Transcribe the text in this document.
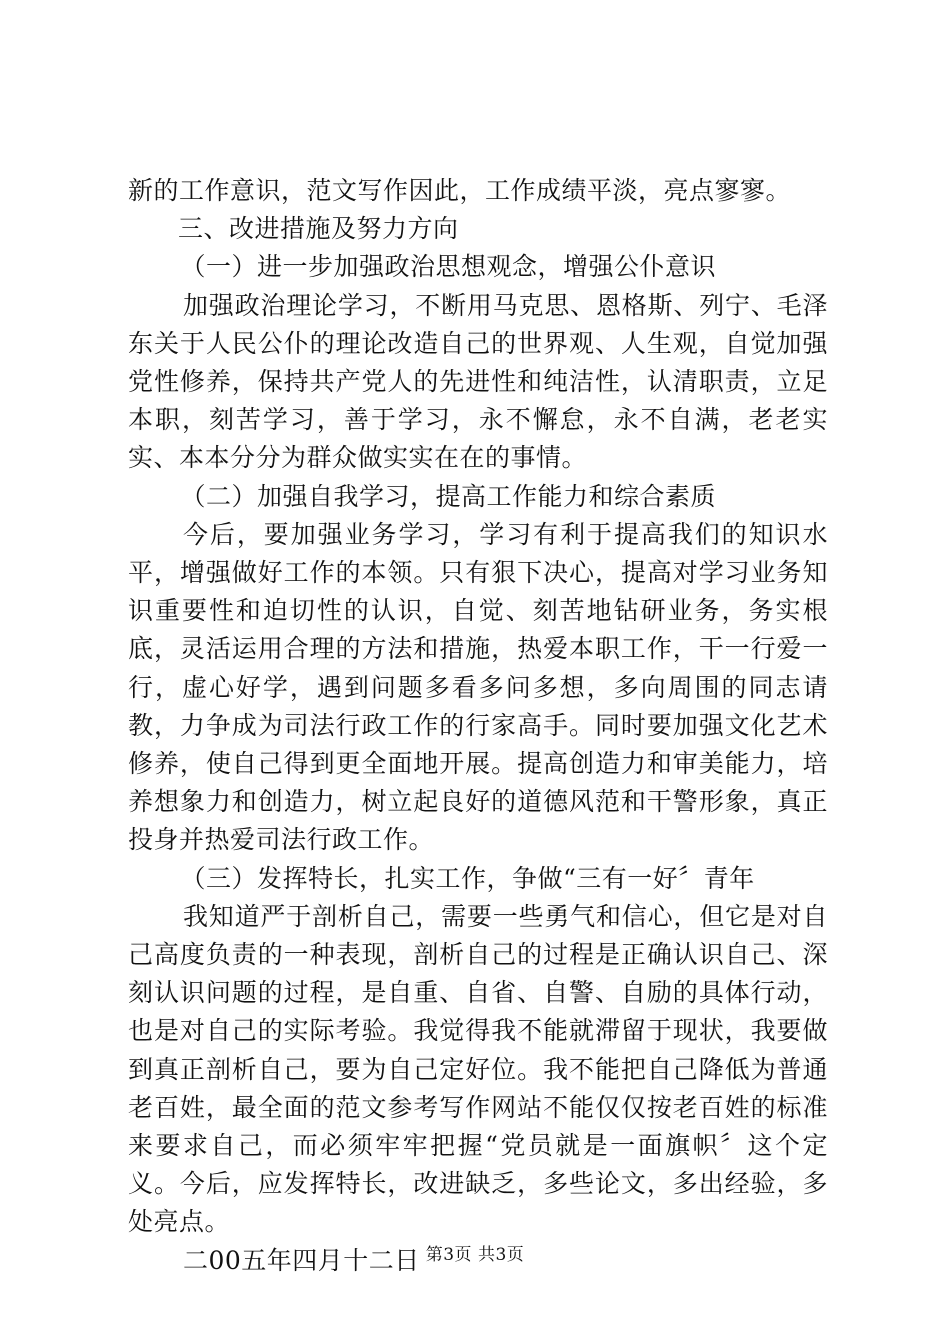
新的工作意识，范文写作因此，工作成绩平淡，亮点寥寥。

三、改进措施及努力方向

（一）进一步加强政治思想观念，增强公仆意识

加强政治理论学习，不断用马克思、恩格斯、列宁、毛泽东关于人民公仆的理论改造自己的世界观、人生观，自觉加强党性修养，保持共产党人的先进性和纯洁性，认清职责，立足本职，刻苦学习，善于学习，永不懈怠，永不自满，老老实实、本本分分为群众做实实在在的事情。

（二）加强自我学习，提高工作能力和综合素质

今后，要加强业务学习，学习有利于提高我们的知识水平，增强做好工作的本领。只有狠下决心，提高对学习业务知识重要性和迫切性的认识，自觉、刻苦地钻研业务，务实根底，灵活运用合理的方法和措施，热爱本职工作，干一行爱一行，虚心好学，遇到问题多看多问多想，多向周围的同志请教，力争成为司法行政工作的行家高手。同时要加强文化艺术修养，使自己得到更全面地开展。提高创造力和审美能力，培养想象力和创造力，树立起良好的道德风范和干警形象，真正投身并热爱司法行政工作。

（三）发挥特长，扎实工作，争做“三有一好〞青年

我知道严于剖析自己，需要一些勇气和信心，但它是对自己高度负责的一种表现，剖析自己的过程是正确认识自己、深刻认识问题的过程，是自重、自省、自警、自励的具体行动，也是对自己的实际考验。我觉得我不能就滞留于现状，我要做到真正剖析自己，要为自己定好位。我不能把自己降低为普通老百姓，最全面的范文参考写作网站不能仅仅按老百姓的标准来要求自己，而必须牢牢把握“党员就是一面旗帜〞这个定义。今后，应发挥特长，改进缺乏，多些论文，多出经验，多处亮点。

二00五年四月十二日 第3页 共3页
